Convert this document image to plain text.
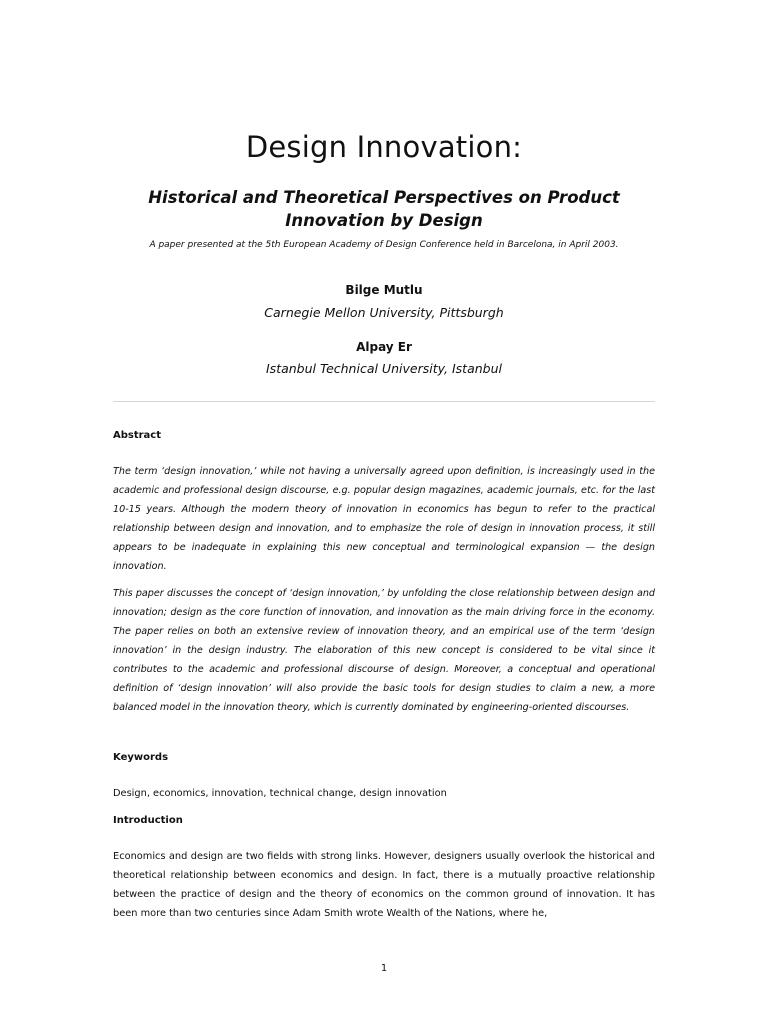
Design Innovation:
Historical and Theoretical Perspectives on Product Innovation by Design
A paper presented at the 5th European Academy of Design Conference held in Barcelona, in April 2003.
Bilge Mutlu
Carnegie Mellon University, Pittsburgh
Alpay Er
Istanbul Technical University, Istanbul
Abstract

The term ‘design innovation,’ while not having a universally agreed upon definition, is increasingly used in the academic and professional design discourse, e.g. popular design magazines, academic journals, etc. for the last 10-15 years. Although the modern theory of innovation in economics has begun to refer to the practical relationship between design and innovation, and to emphasize the role of design in innovation process, it still appears to be inadequate in explaining this new conceptual and terminological expansion — the design innovation.

This paper discusses the concept of ‘design innovation,’ by unfolding the close relationship between design and innovation; design as the core function of innovation, and innovation as the main driving force in the economy. The paper relies on both an extensive review of innovation theory, and an empirical use of the term ‘design innovation’ in the design industry. The elaboration of this new concept is considered to be vital since it contributes to the academic and professional discourse of design. Moreover, a conceptual and operational definition of ‘design innovation’ will also provide the basic tools for design studies to claim a new, a more balanced model in the innovation theory, which is currently dominated by engineering-oriented discourses.

Keywords

Design, economics, innovation, technical change, design innovation

Introduction

Economics and design are two fields with strong links. However, designers usually overlook the historical and theoretical relationship between economics and design. In fact, there is a mutually proactive relationship between the practice of design and the theory of economics on the common ground of innovation. It has been more than two centuries since Adam Smith wrote Wealth of the Nations, where he,

1
